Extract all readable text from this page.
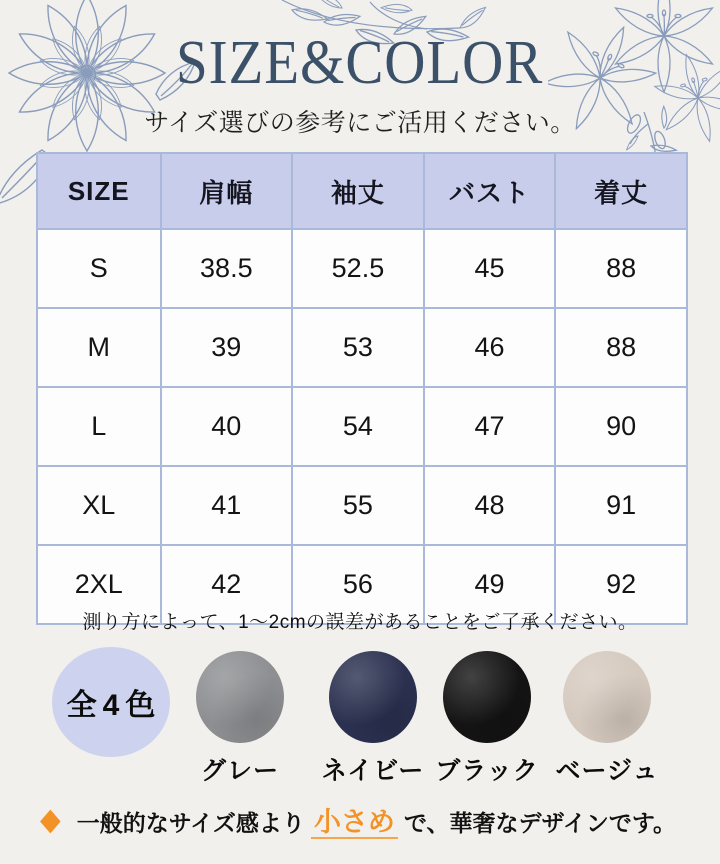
SIZE&COLOR
サイズ選びの参考にご活用ください。
SIZE	肩幅	袖丈	バスト	着丈
S	38.5	52.5	45	88
M	39	53	46	88
L	40	54	47	90
XL	41	55	48	91
2XL	42	56	49	92
測り方によって、1〜2cmの誤差があることをご了承ください。
全4色
グレー	ネイビー ブラック ベージュ
◆ 一般的なサイズ感より 小さめ で、華奢なデザインです。
